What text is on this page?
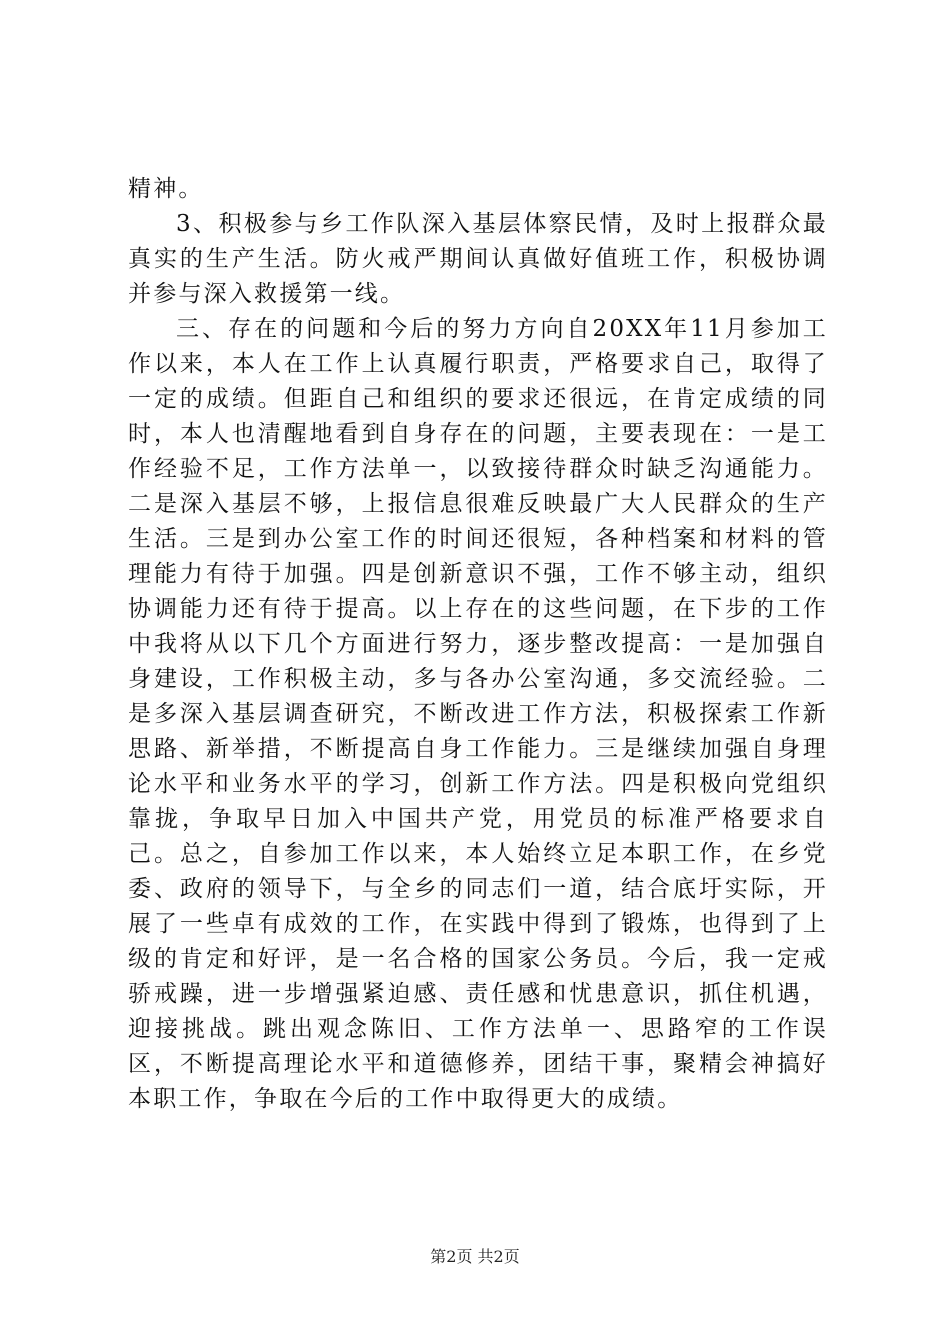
精神。

3、积极参与乡工作队深入基层体察民情，及时上报群众最真实的生产生活。防火戒严期间认真做好值班工作，积极协调并参与深入救援第一线。

三、存在的问题和今后的努力方向自20XX年11月参加工作以来，本人在工作上认真履行职责，严格要求自己，取得了一定的成绩。但距自己和组织的要求还很远，在肯定成绩的同时，本人也清醒地看到自身存在的问题，主要表现在：一是工作经验不足，工作方法单一，以致接待群众时缺乏沟通能力。二是深入基层不够，上报信息很难反映最广大人民群众的生产生活。三是到办公室工作的时间还很短，各种档案和材料的管理能力有待于加强。四是创新意识不强，工作不够主动，组织协调能力还有待于提高。以上存在的这些问题，在下步的工作中我将从以下几个方面进行努力，逐步整改提高：一是加强自身建设，工作积极主动，多与各办公室沟通，多交流经验。二是多深入基层调查研究，不断改进工作方法，积极探索工作新思路、新举措，不断提高自身工作能力。三是继续加强自身理论水平和业务水平的学习，创新工作方法。四是积极向党组织靠拢，争取早日加入中国共产党，用党员的标准严格要求自己。总之，自参加工作以来，本人始终立足本职工作，在乡党委、政府的领导下，与全乡的同志们一道，结合底圩实际，开展了一些卓有成效的工作，在实践中得到了锻炼，也得到了上级的肯定和好评，是一名合格的国家公务员。今后，我一定戒骄戒躁，进一步增强紧迫感、责任感和忧患意识，抓住机遇，迎接挑战。跳出观念陈旧、工作方法单一、思路窄的工作误区，不断提高理论水平和道德修养，团结干事，聚精会神搞好本职工作，争取在今后的工作中取得更大的成绩。

第2页 共2页
